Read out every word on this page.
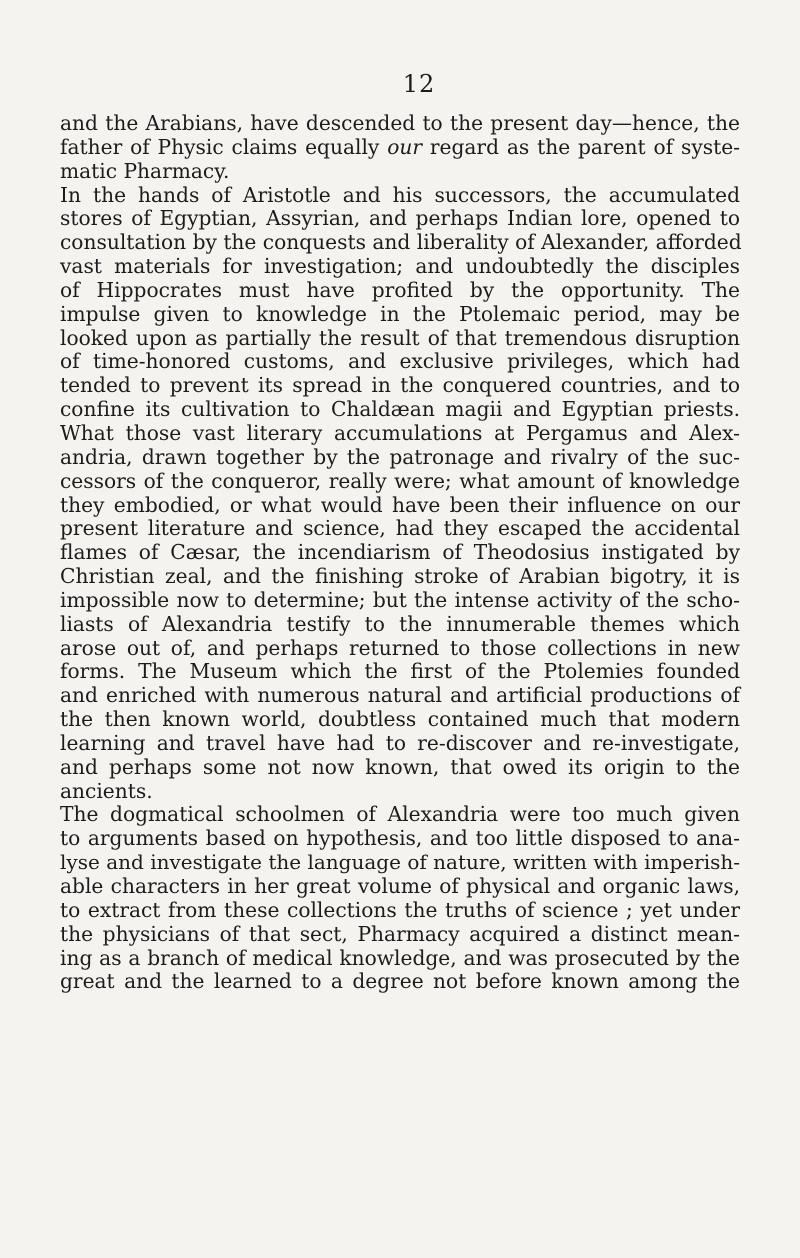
12
and the Arabians, have descended to the present day—hence, the
father of Physic claims equally our regard as the parent of syste-
matic Pharmacy.
In the hands of Aristotle and his successors, the accumulated
stores of Egyptian, Assyrian, and perhaps Indian lore, opened to
consultation by the conquests and liberality of Alexander, afforded
vast materials for investigation; and undoubtedly the disciples
of Hippocrates must have profited by the opportunity. The
impulse given to knowledge in the Ptolemaic period, may be
looked upon as partially the result of that tremendous disruption
of time-honored customs, and exclusive privileges, which had
tended to prevent its spread in the conquered countries, and to
confine its cultivation to Chaldæan magii and Egyptian priests.
What those vast literary accumulations at Pergamus and Alex-
andria, drawn together by the patronage and rivalry of the suc-
cessors of the conqueror, really were; what amount of knowledge
they embodied, or what would have been their influence on our
present literature and science, had they escaped the accidental
flames of Cæsar, the incendiarism of Theodosius instigated by
Christian zeal, and the finishing stroke of Arabian bigotry, it is
impossible now to determine; but the intense activity of the scho-
liasts of Alexandria testify to the innumerable themes which
arose out of, and perhaps returned to those collections in new
forms. The Museum which the first of the Ptolemies founded
and enriched with numerous natural and artificial productions of
the then known world, doubtless contained much that modern
learning and travel have had to re-discover and re-investigate,
and perhaps some not now known, that owed its origin to the
ancients.
The dogmatical schoolmen of Alexandria were too much given
to arguments based on hypothesis, and too little disposed to ana-
lyse and investigate the language of nature, written with imperish-
able characters in her great volume of physical and organic laws,
to extract from these collections the truths of science ; yet under
the physicians of that sect, Pharmacy acquired a distinct mean-
ing as a branch of medical knowledge, and was prosecuted by the
great and the learned to a degree not before known among the
